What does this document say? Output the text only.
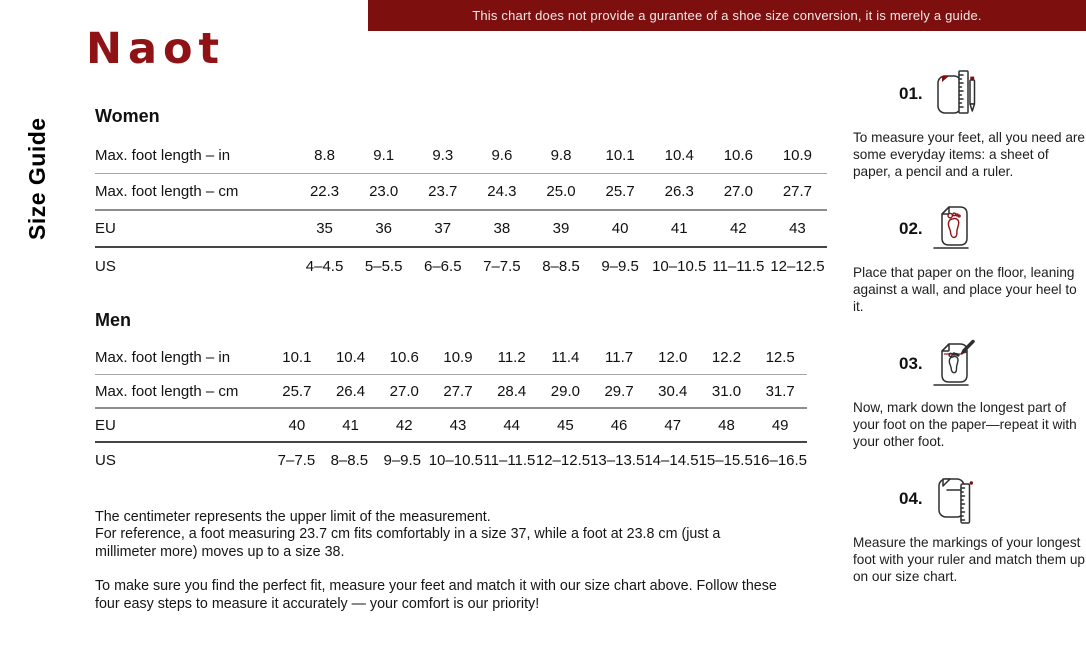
This chart does not provide a gurantee of a shoe size conversion, it is merely a guide.
Naot
Size Guide
Women
Max. foot length – in	8.8	9.1	9.3	9.6	9.8	10.1	10.4	10.6	10.9
Max. foot length – cm	22.3	23.0	23.7	24.3	25.0	25.7	26.3	27.0	27.7
EU	35	36	37	38	39	40	41	42	43
US	4–4.5	5–5.5	6–6.5	7–7.5	8–8.5	9–9.5 10–10.5 11–11.5 12–12.5
Men
Max. foot length – in	10.1	10.4	10.6	10.9	11.2	11.4	11.7	12.0	12.2	12.5
Max. foot length – cm	25.7	26.4	27.0	27.7	28.4	29.0	29.7	30.4	31.0	31.7
EU	40	41	42	43	44	45	46	47	48	49
US	7–7.5	8–8.5	9–9.5 10–10.5 11–11.5 12–12.5 13–13.5 14–14.5 15–15.5 16–16.5

The centimeter represents the upper limit of the measurement.
For reference, a foot measuring 23.7 cm fits comfortably in a size 37, while a foot at 23.8 cm (just a millimeter more) moves up to a size 38.

To make sure you find the perfect fit, measure your feet and match it with our size chart above. Follow these four easy steps to measure it accurately — your comfort is our priority!

01.

To measure your feet, all you need are some everyday items: a sheet of paper, a pencil and a ruler.

02.

Place that paper on the floor, leaning against a wall, and place your heel to it.

03.

Now, mark down the longest part of your foot on the paper—repeat it with your other foot.

04.

Measure the markings of your longest foot with your ruler and match them up on our size chart.
